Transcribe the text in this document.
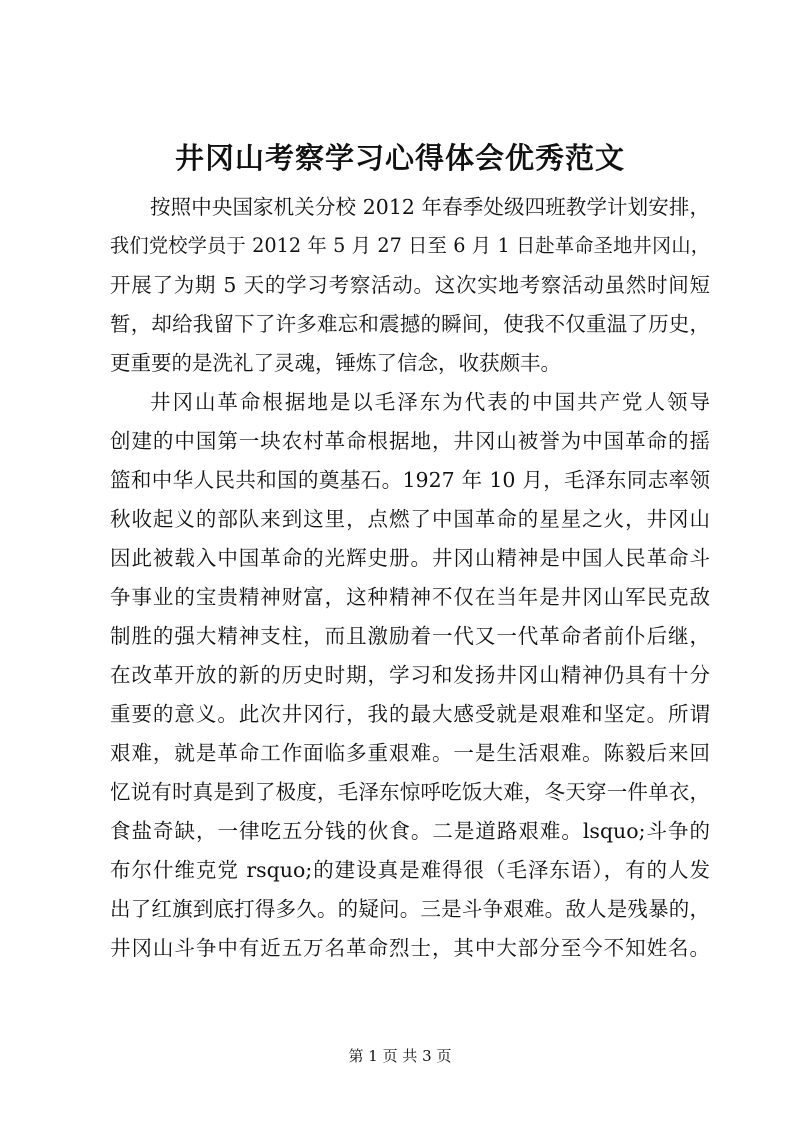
井冈山考察学习心得体会优秀范文
按照中央国家机关分校 2012 年春季处级四班教学计划安排，
我们党校学员于 2012 年 5 月 27 日至 6 月 1 日赴革命圣地井冈山，
开展了为期 5 天的学习考察活动。这次实地考察活动虽然时间短
暂，却给我留下了许多难忘和震撼的瞬间，使我不仅重温了历史，
更重要的是洗礼了灵魂，锤炼了信念，收获颇丰。
井冈山革命根据地是以毛泽东为代表的中国共产党人领导
创建的中国第一块农村革命根据地，井冈山被誉为中国革命的摇
篮和中华人民共和国的奠基石。1927 年 10 月，毛泽东同志率领
秋收起义的部队来到这里，点燃了中国革命的星星之火，井冈山
因此被载入中国革命的光辉史册。井冈山精神是中国人民革命斗
争事业的宝贵精神财富，这种精神不仅在当年是井冈山军民克敌
制胜的强大精神支柱，而且激励着一代又一代革命者前仆后继，
在改革开放的新的历史时期，学习和发扬井冈山精神仍具有十分
重要的意义。此次井冈行，我的最大感受就是艰难和坚定。所谓
艰难，就是革命工作面临多重艰难。一是生活艰难。陈毅后来回
忆说有时真是到了极度，毛泽东惊呼吃饭大难，冬天穿一件单衣，
食盐奇缺，一律吃五分钱的伙食。二是道路艰难。lsquo;斗争的
布尔什维克党 rsquo;的建设真是难得很（毛泽东语），有的人发
出了红旗到底打得多久。的疑问。三是斗争艰难。敌人是残暴的，
井冈山斗争中有近五万名革命烈士，其中大部分至今不知姓名。
第 1 页 共 3 页
